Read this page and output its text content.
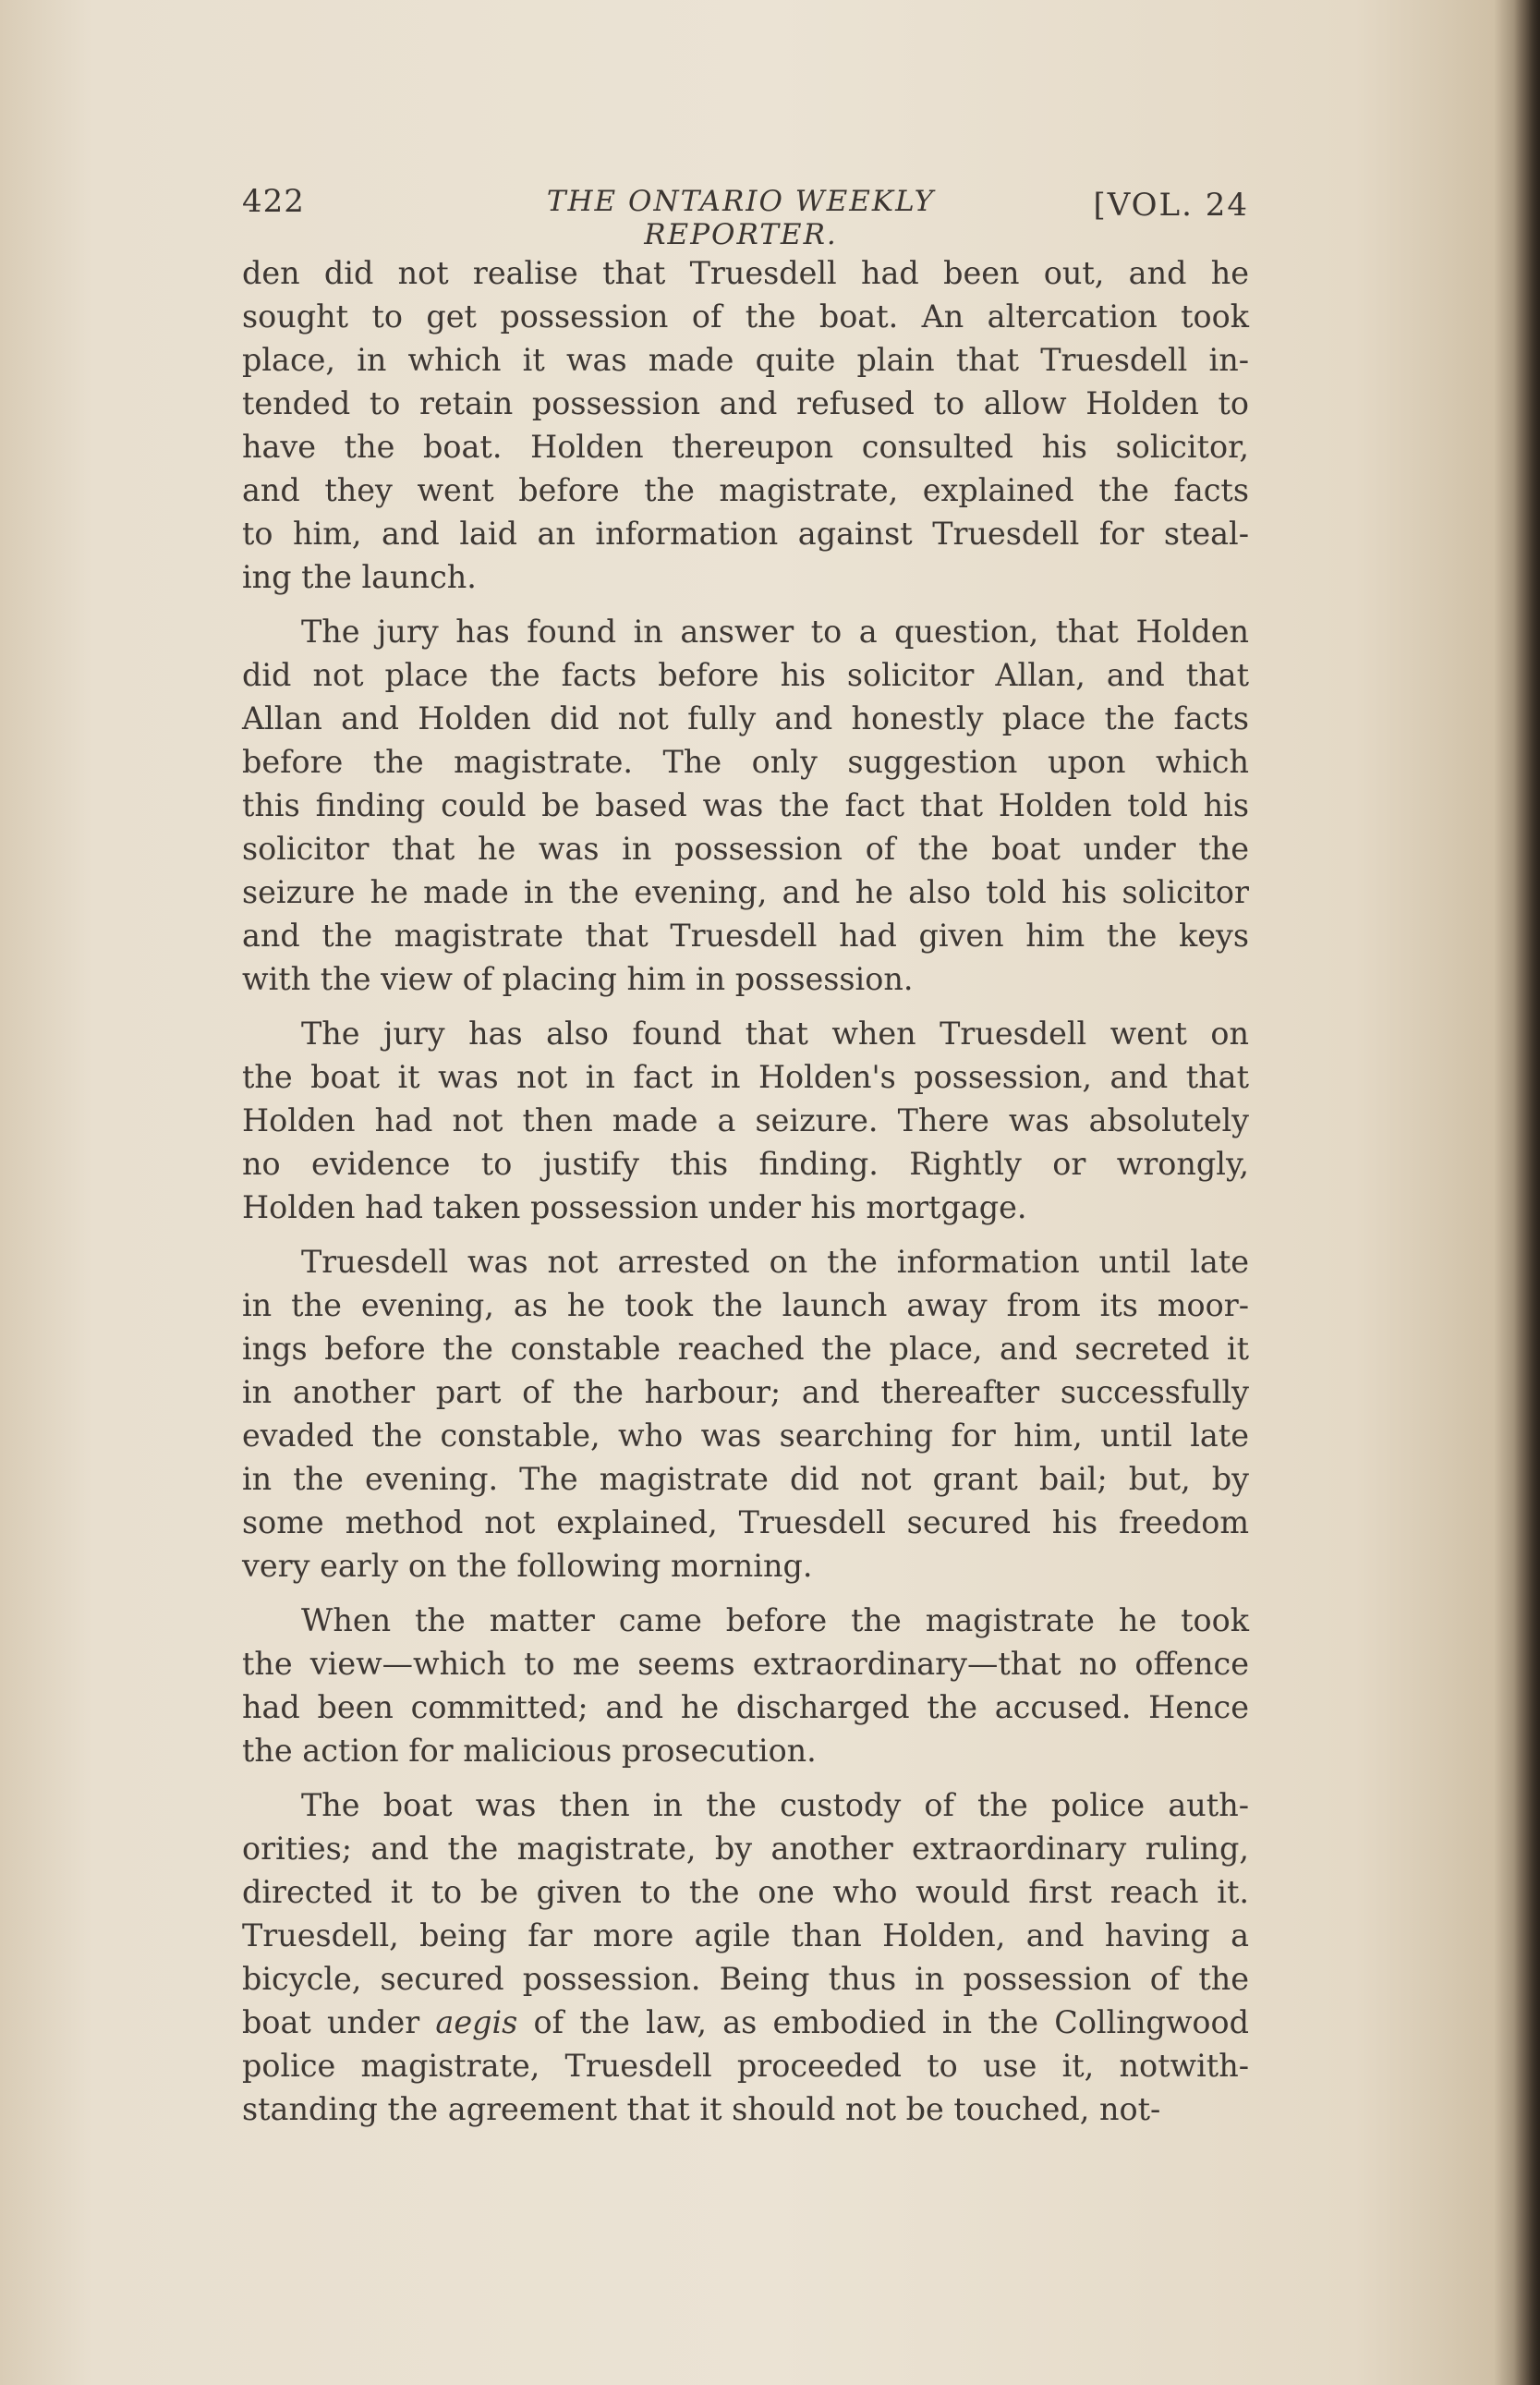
422	THE ONTARIO WEEKLY REPORTER.
[VOL. 24
den did not realise that Truesdell had been out, and he
sought to get possession of the boat. An altercation took
place, in which it was made quite plain that Truesdell in-
tended to retain possession and refused to allow Holden to
have the boat. Holden thereupon consulted his solicitor,
and they went before the magistrate, explained the facts
to him, and laid an information against Truesdell for steal-
ing the launch.
The jury has found in answer to a question, that Holden
did not place the facts before his solicitor Allan, and that
Allan and Holden did not fully and honestly place the facts
before the magistrate. The only suggestion upon which
this finding could be based was the fact that Holden told his
solicitor that he was in possession of the boat under the
seizure he made in the evening, and he also told his solicitor
and the magistrate that Truesdell had given him the keys
with the view of placing him in possession.
The jury has also found that when Truesdell went on
the boat it was not in fact in Holden's possession, and that
Holden had not then made a seizure. There was absolutely
no evidence to justify this finding. Rightly or wrongly,
Holden had taken possession under his mortgage.
Truesdell was not arrested on the information until late
in the evening, as he took the launch away from its moor-
ings before the constable reached the place, and secreted it
in another part of the harbour; and thereafter successfully
evaded the constable, who was searching for him, until late
in the evening. The magistrate did not grant bail; but, by
some method not explained, Truesdell secured his freedom
very early on the following morning.
When the matter came before the magistrate he took
the view—which to me seems extraordinary—that no offence
had been committed; and he discharged the accused. Hence
the action for malicious prosecution.
The boat was then in the custody of the police auth-
orities; and the magistrate, by another extraordinary ruling,
directed it to be given to the one who would first reach it.
Truesdell, being far more agile than Holden, and having a
bicycle, secured possession. Being thus in possession of the
boat under aegis of the law, as embodied in the Collingwood
police magistrate, Truesdell proceeded to use it, notwith-
standing the agreement that it should not be touched, not-
